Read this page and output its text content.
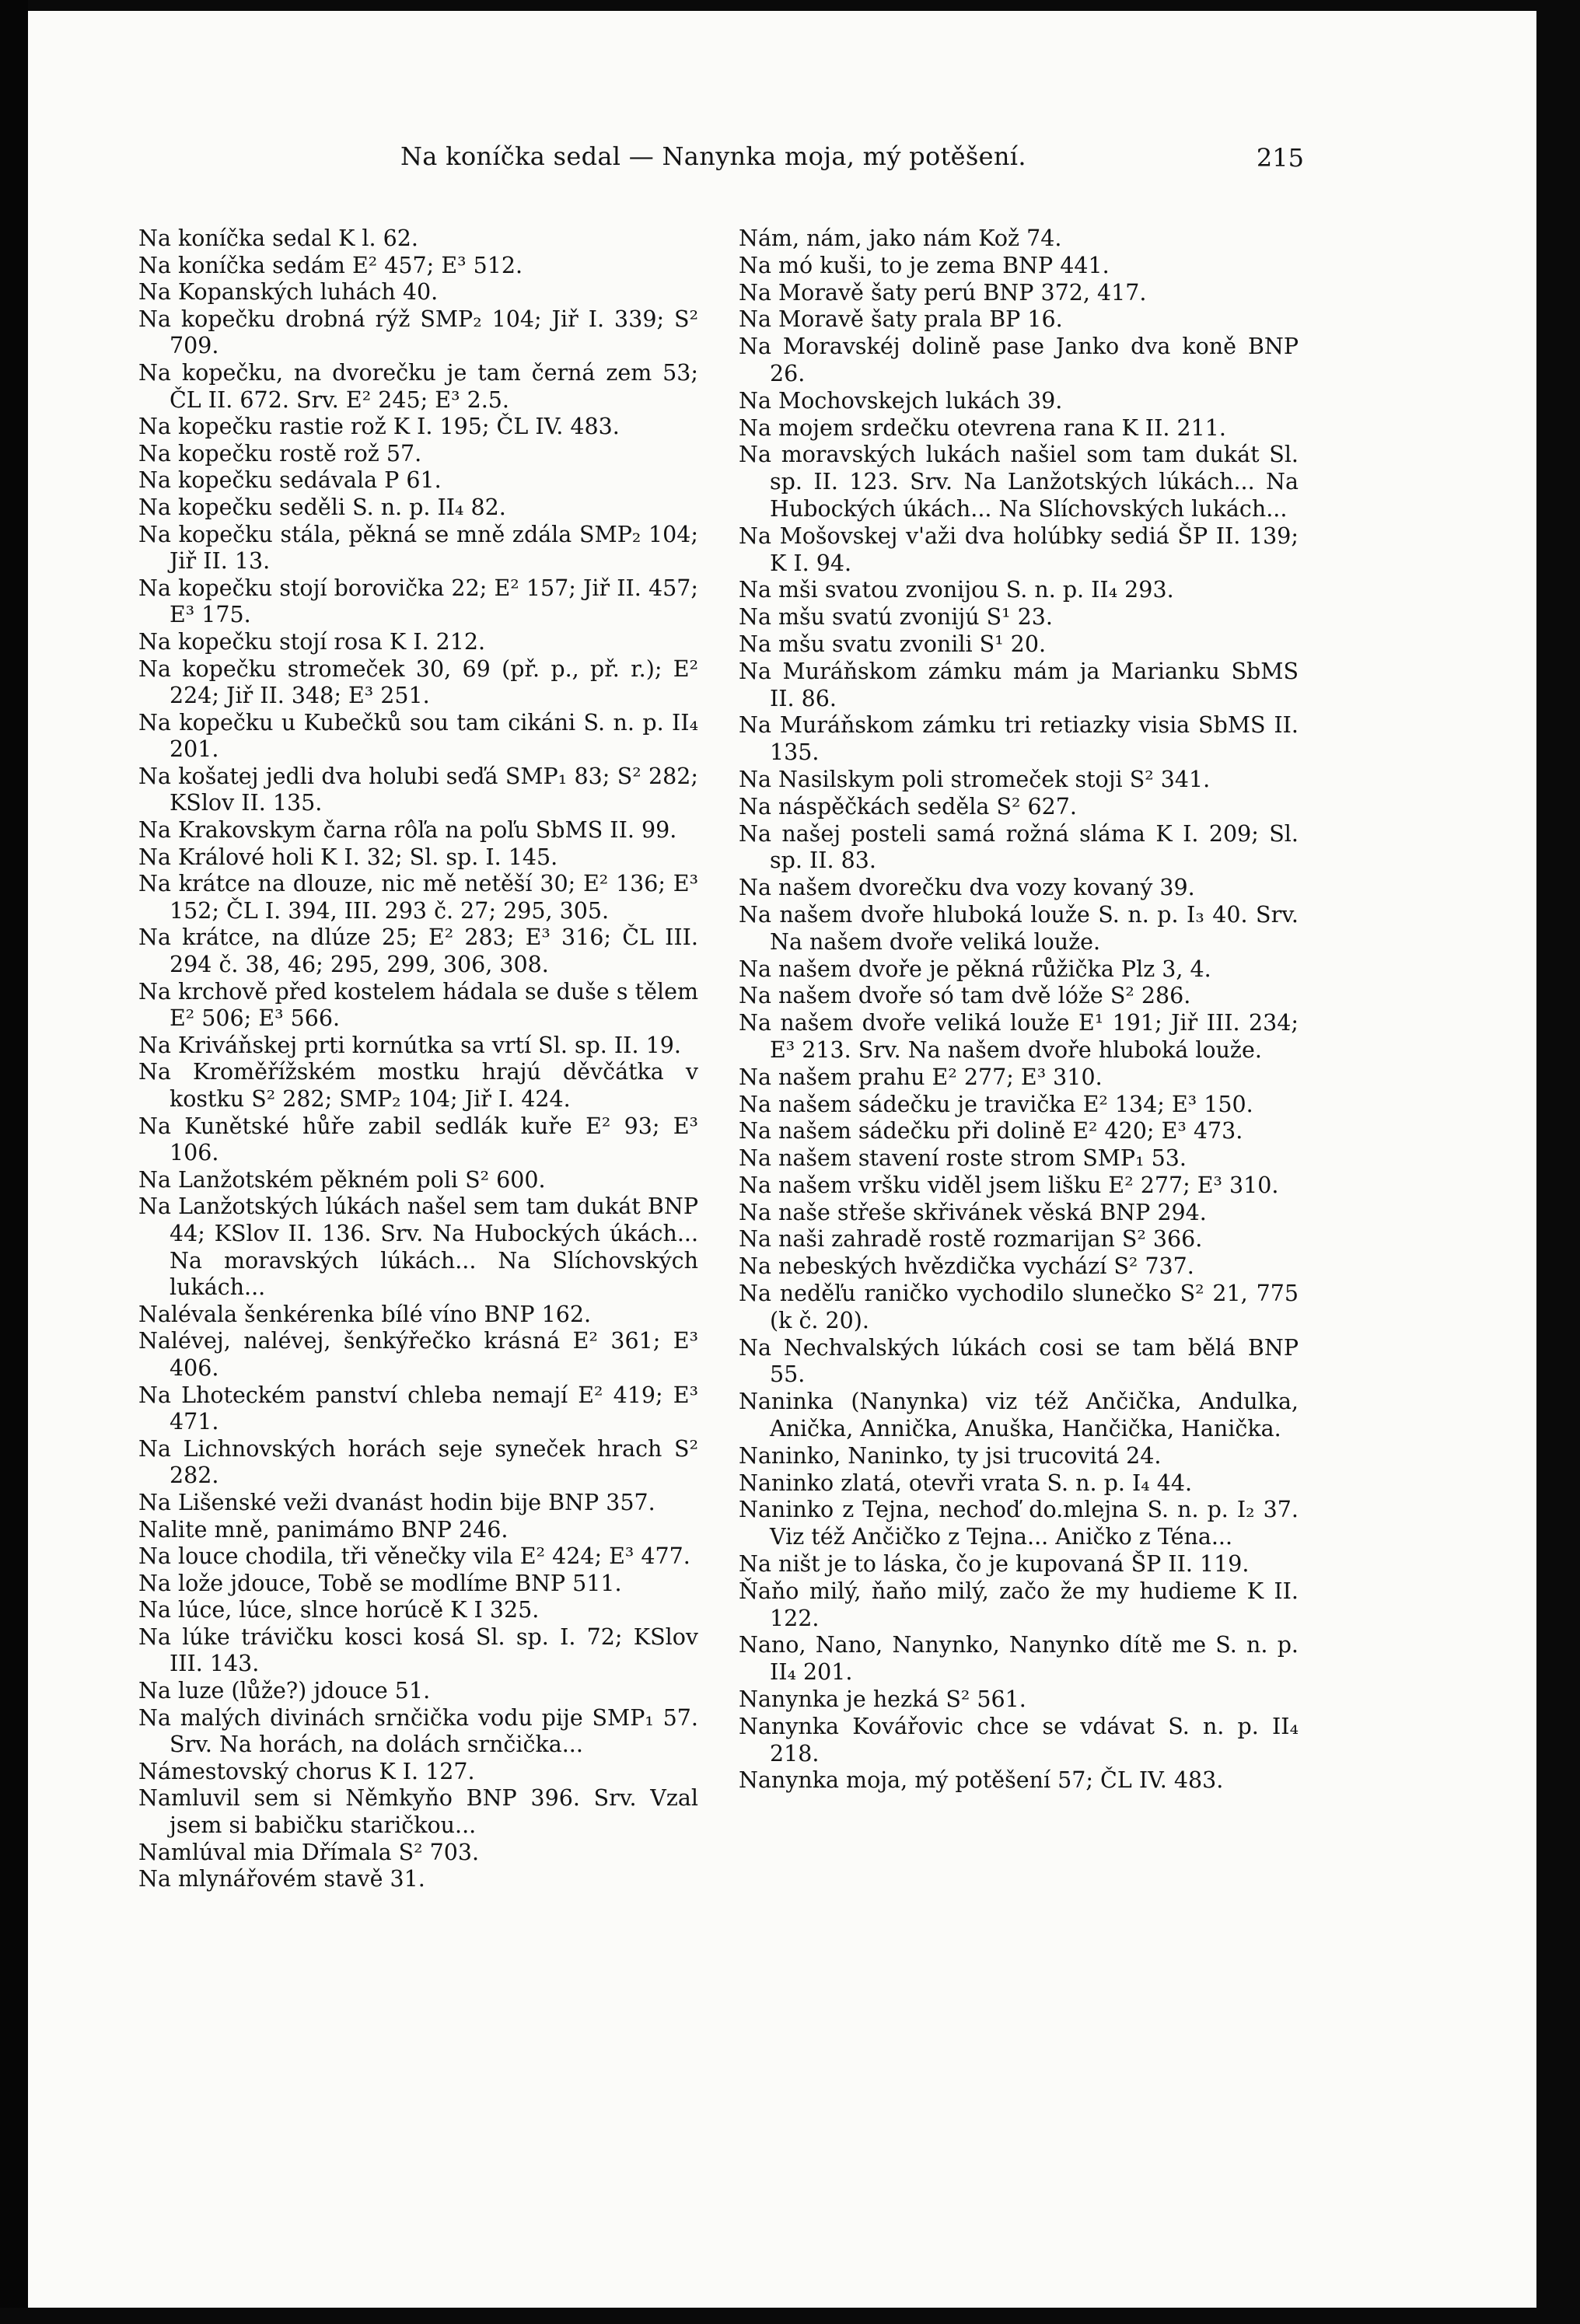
Na koníčka sedal — Nanynka moja, mý potěšení.	215

Na koníčka sedal K l. 62.

Na koníčka sedám E² 457; E³ 512.

Na Kopanských luhách 40.

Na kopečku drobná rýž SMP₂ 104; Jiř I. 339; S² 709.

Na kopečku, na dvorečku je tam černá zem 53; ČL II. 672. Srv. E² 245; E³ 2.5.

Na kopečku rastie rož K I. 195; ČL IV. 483.

Na kopečku rostě rož 57.

Na kopečku sedávala P 61.

Na kopečku seděli S. n. p. II₄ 82.

Na kopečku stála, pěkná se mně zdála SMP₂ 104; Jiř II. 13.

Na kopečku stojí borovička 22; E² 157; Jiř II. 457; E³ 175.

Na kopečku stojí rosa K I. 212.

Na kopečku stromeček 30, 69 (př. p., př. r.); E² 224; Jiř II. 348; E³ 251.

Na kopečku u Kubečků sou tam cikáni S. n. p. II₄ 201.

Na košatej jedli dva holubi seďá SMP₁ 83; S² 282; KSlov II. 135.

Na Krakovskym čarna rôľa na poľu SbMS II. 99.

Na Králové holi K I. 32; Sl. sp. I. 145.

Na krátce na dlouze, nic mě netěší 30; E² 136; E³ 152; ČL I. 394, III. 293 č. 27; 295, 305.

Na krátce, na dlúze 25; E² 283; E³ 316; ČL III. 294 č. 38, 46; 295, 299, 306, 308.

Na krchově před kostelem hádala se duše s tělem E² 506; E³ 566.

Na Kriváňskej prti kornútka sa vrtí Sl. sp. II. 19.

Na Kroměřížském mostku hrajú děvčátka v kostku S² 282; SMP₂ 104; Jiř I. 424.

Na Kunětské hůře zabil sedlák kuře E² 93; E³ 106.

Na Lanžotském pěkném poli S² 600.

Na Lanžotských lúkách našel sem tam dukát BNP 44; KSlov II. 136. Srv. Na Hubockých úkách... Na moravských lúkách... Na Slíchovských lukách...

Nalévala šenkérenka bílé víno BNP 162.

Nalévej, nalévej, šenkýřečko krásná E² 361; E³ 406.

Na Lhoteckém panství chleba nemají E² 419; E³ 471.

Na Lichnovských horách seje syneček hrach S² 282.

Na Lišenské veži dvanást hodin bije BNP 357.

Nalite mně, panimámo BNP 246.

Na louce chodila, tři věnečky vila E² 424; E³ 477.

Na lože jdouce, Tobě se modlíme BNP 511.

Na lúce, lúce, slnce horúcě K I 325.

Na lúke trávičku kosci kosá Sl. sp. I. 72; KSlov III. 143.

Na luze (lůže?) jdouce 51.

Na malých divinách srnčička vodu pije SMP₁ 57. Srv. Na horách, na dolách srnčička...

Námestovský chorus K I. 127.

Namluvil sem si Němkyňo BNP 396. Srv. Vzal jsem si babičku staričkou...

Namlúval mia Dřímala S² 703.

Na mlynářovém stavě 31.

Nám, nám, jako nám Kož 74.

Na mó kuši, to je zema BNP 441.

Na Moravě šaty perú BNP 372, 417.

Na Moravě šaty prala BP 16.

Na Moravskéj dolině pase Janko dva koně BNP 26.

Na Mochovskejch lukách 39.

Na mojem srdečku otevrena rana K II. 211.

Na moravských lukách našiel som tam dukát Sl. sp. II. 123. Srv. Na Lanžotských lúkách... Na Hubockých úkách... Na Slíchovských lukách...

Na Mošovskej v'aži dva holúbky sediá ŠP II. 139; K I. 94.

Na mši svatou zvonijou S. n. p. II₄ 293.

Na mšu svatú zvonijú S¹ 23.

Na mšu svatu zvonili S¹ 20.

Na Muráňskom zámku mám ja Marianku SbMS II. 86.

Na Muráňskom zámku tri retiazky visia SbMS II. 135.

Na Nasilskym poli stromeček stoji S² 341.

Na náspěčkách seděla S² 627.

Na našej posteli samá rožná sláma K I. 209; Sl. sp. II. 83.

Na našem dvorečku dva vozy kovaný 39.

Na našem dvoře hluboká louže S. n. p. I₃ 40. Srv. Na našem dvoře veliká louže.

Na našem dvoře je pěkná růžička Plz 3, 4.

Na našem dvoře só tam dvě lóže S² 286.

Na našem dvoře veliká louže E¹ 191; Jiř III. 234; E³ 213. Srv. Na našem dvoře hluboká louže.

Na našem prahu E² 277; E³ 310.

Na našem sádečku je travička E² 134; E³ 150.

Na našem sádečku při dolině E² 420; E³ 473.

Na našem stavení roste strom SMP₁ 53.

Na našem vršku viděl jsem lišku E² 277; E³ 310.

Na naše střeše skřivánek věská BNP 294.

Na naši zahradě rostě rozmarijan S² 366.

Na nebeských hvězdička vychází S² 737.

Na neděľu raničko vychodilo slunečko S² 21, 775 (k č. 20).

Na Nechvalských lúkách cosi se tam bělá BNP 55.

Naninka (Nanynka) viz též Ančička, Andulka, Anička, Annička, Anuška, Hančička, Hanička.

Naninko, Naninko, ty jsi trucovitá 24.

Naninko zlatá, otevři vrata S. n. p. I₄ 44.

Naninko z Tejna, nechoď do.mlejna S. n. p. I₂ 37. Viz též Ančičko z Tejna... Aničko z Téna...

Na ništ je to láska, čo je kupovaná ŠP II. 119.

Ňaňo milý, ňaňo milý, začo že my hudieme K II. 122.

Nano, Nano, Nanynko, Nanynko dítě me S. n. p. II₄ 201.

Nanynka je hezká S² 561.

Nanynka Kovářovic chce se vdávat S. n. p. II₄ 218.

Nanynka moja, mý potěšení 57; ČL IV. 483.
